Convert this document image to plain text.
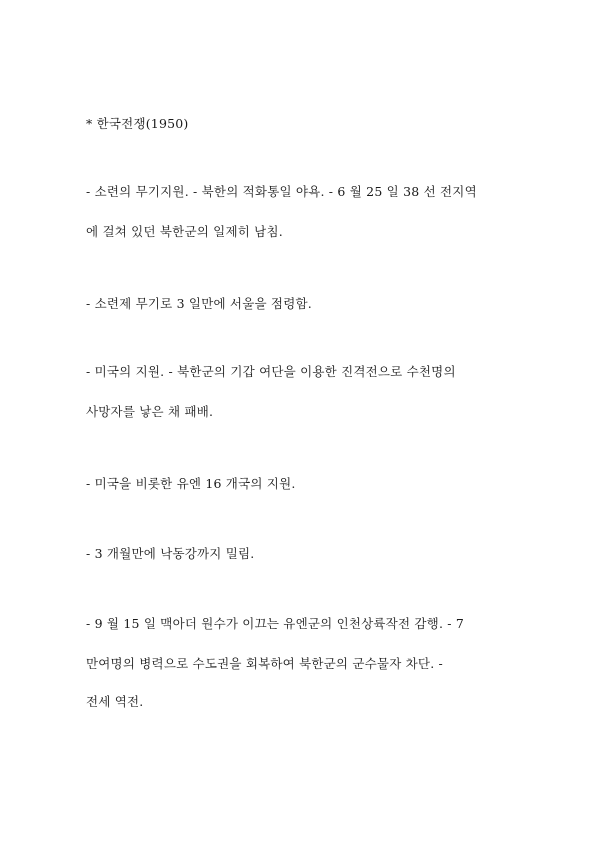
* 한국전쟁(1950)

- 소련의 무기지원. - 북한의 적화통일 야욕. - 6 월 25 일 38 선 전지역

에 걸쳐 있던 북한군의 일제히 남침.

- 소련제 무기로 3 일만에 서울을 점령함.

- 미국의 지원. - 북한군의 기갑 여단을 이용한 진격전으로 수천명의

사망자를 낳은 채 패배.

- 미국을 비롯한 유엔 16 개국의 지원.

- 3 개월만에 낙동강까지 밀림.

- 9 월 15 일 맥아더 원수가 이끄는 유엔군의 인천상륙작전 감행. - 7

만여명의 병력으로 수도권을 회복하여 북한군의 군수물자 차단. -

전세 역전.
